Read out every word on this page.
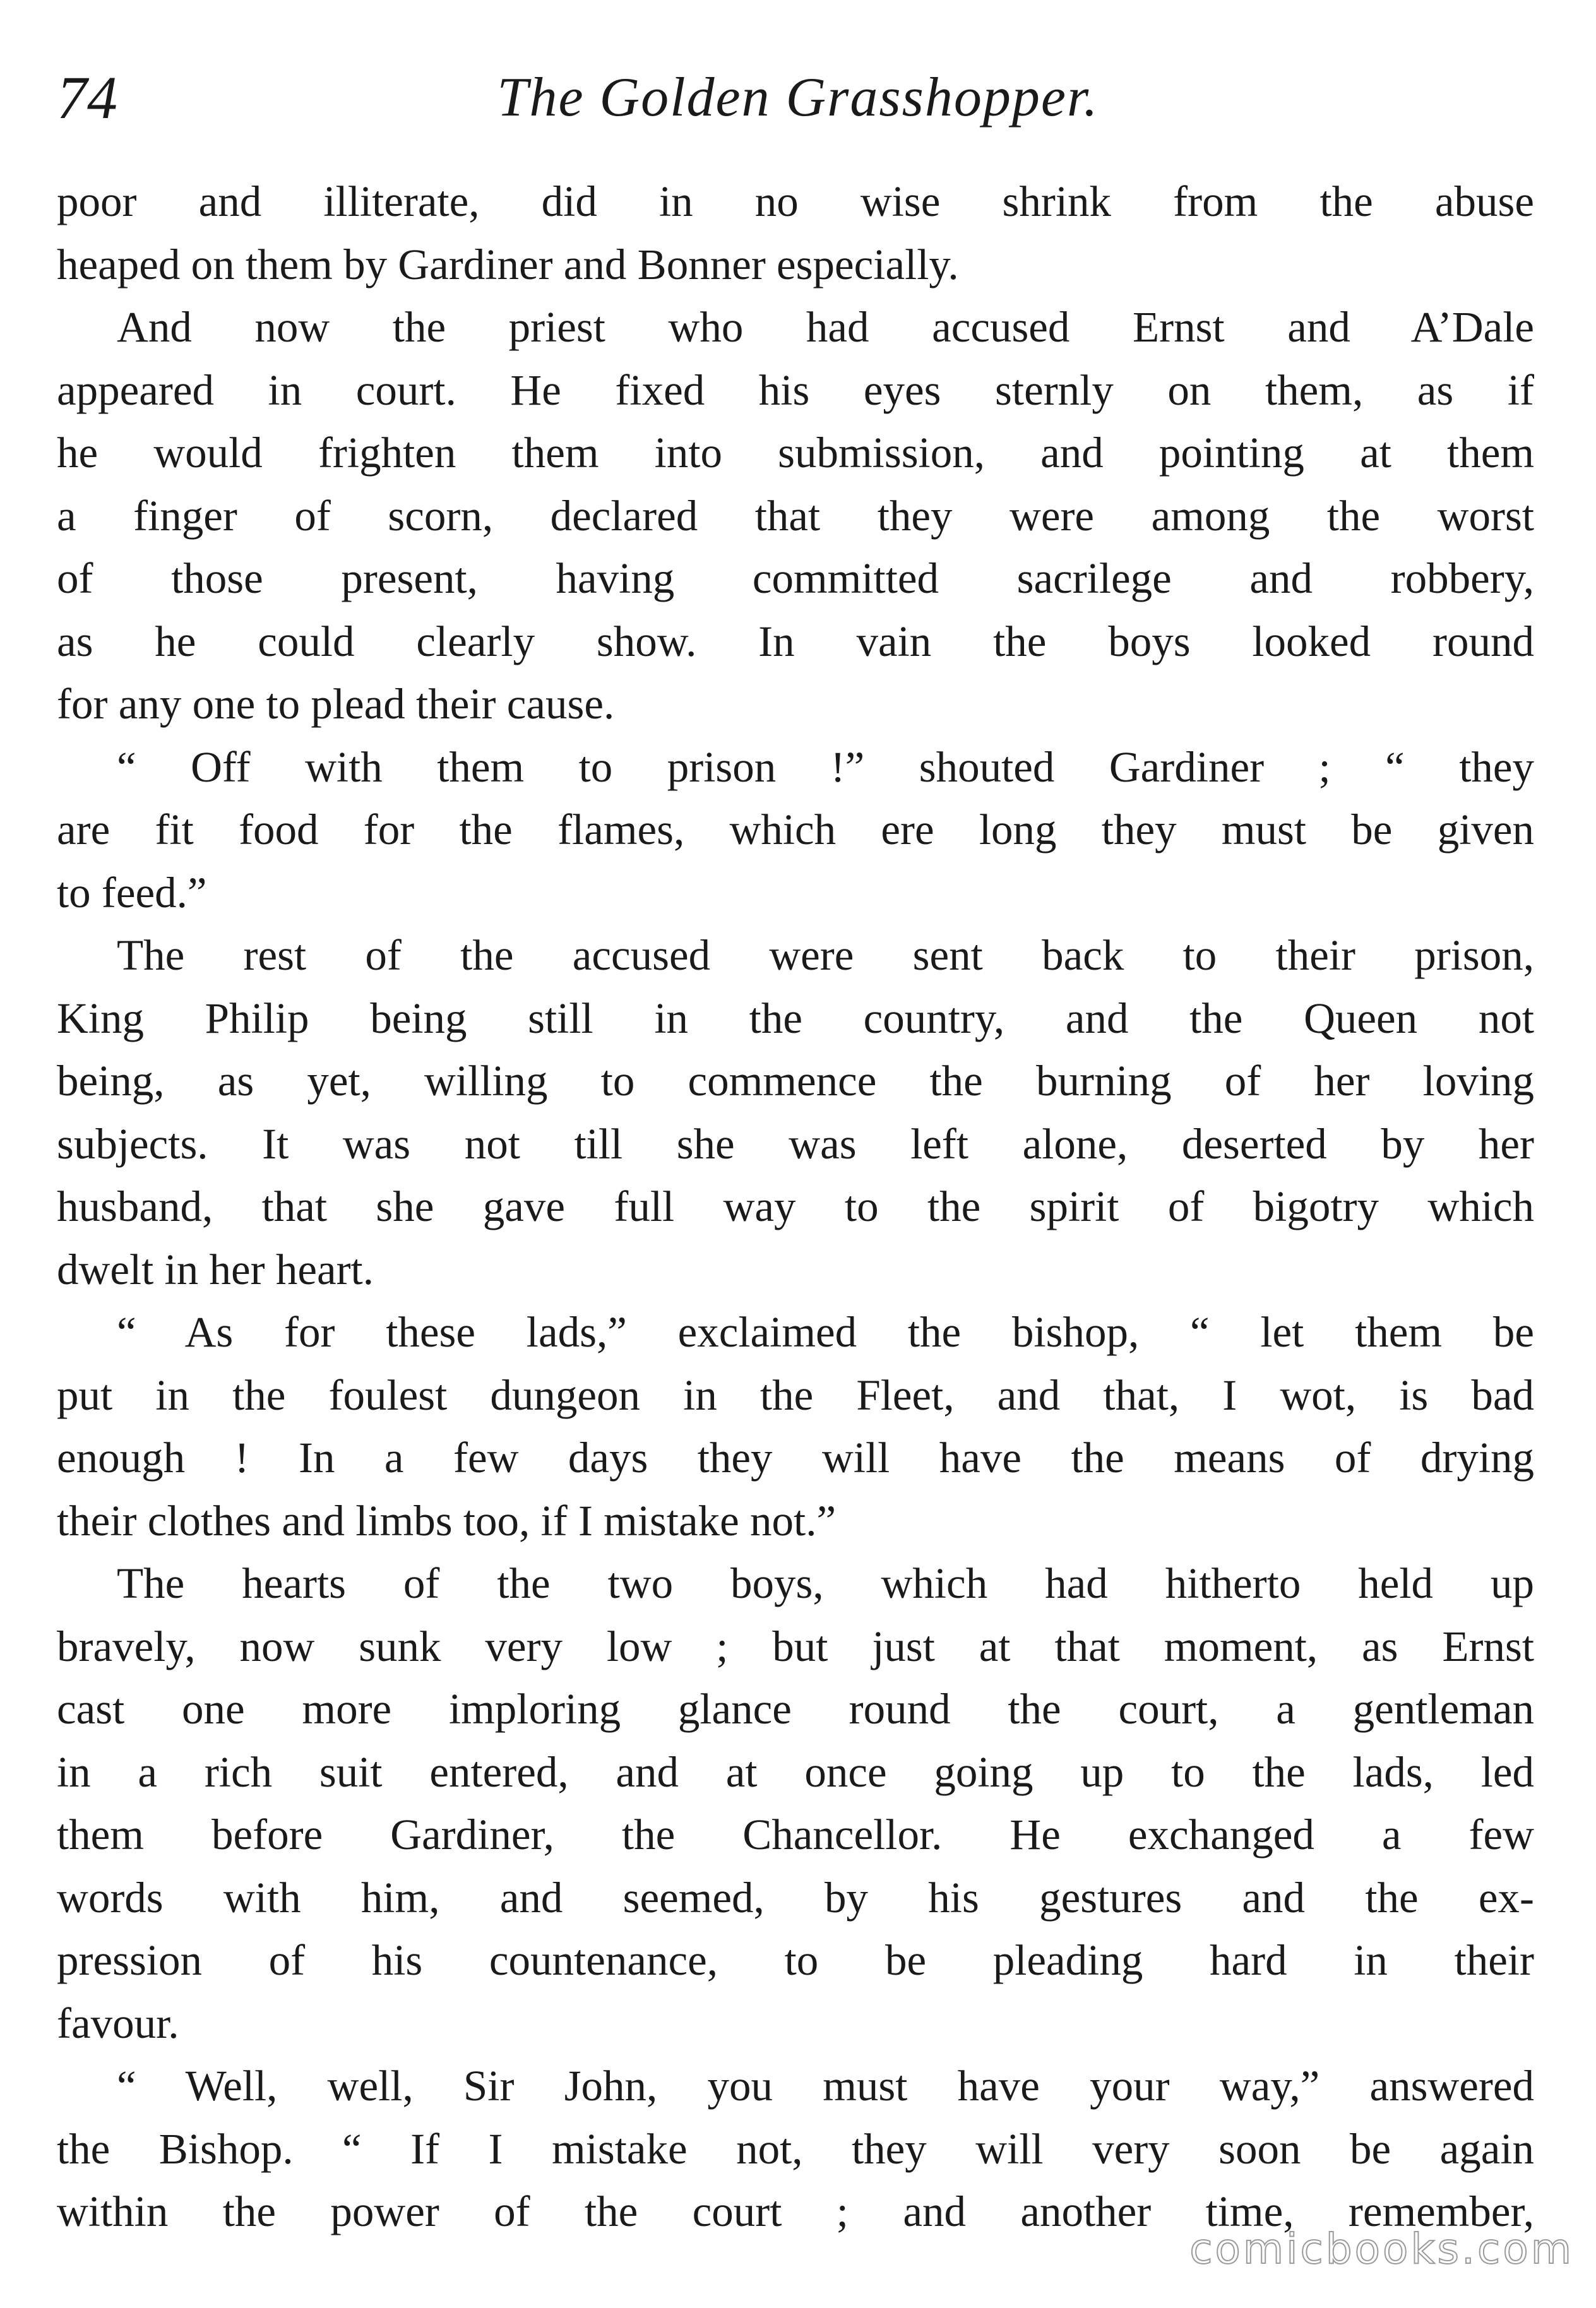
74	The Golden Grasshopper.
poor and illiterate, did in no wise shrink from the abuse
heaped on them by Gardiner and Bonner especially.
And now the priest who had accused Ernst and A’Dale
appeared in court. He fixed his eyes sternly on them, as if
he would frighten them into submission, and pointing at them
a finger of scorn, declared that they were among the worst
of those present, having committed sacrilege and robbery,
as he could clearly show. In vain the boys looked round
for any one to plead their cause.
“ Off with them to prison !” shouted Gardiner ; “ they
are fit food for the flames, which ere long they must be given
to feed.”
The rest of the accused were sent back to their prison,
King Philip being still in the country, and the Queen not
being, as yet, willing to commence the burning of her loving
subjects. It was not till she was left alone, deserted by her
husband, that she gave full way to the spirit of bigotry which
dwelt in her heart.
“ As for these lads,” exclaimed the bishop, “ let them be
put in the foulest dungeon in the Fleet, and that, I wot, is bad
enough ! In a few days they will have the means of drying
their clothes and limbs too, if I mistake not.”
The hearts of the two boys, which had hitherto held up
bravely, now sunk very low ; but just at that moment, as Ernst
cast one more imploring glance round the court, a gentleman
in a rich suit entered, and at once going up to the lads, led
them before Gardiner, the Chancellor. He exchanged a few
words with him, and seemed, by his gestures and the ex-
pression of his countenance, to be pleading hard in their
favour.
“ Well, well, Sir John, you must have your way,” answered
the Bishop. “ If I mistake not, they will very soon be again
within the power of the court ; and another time, remember,
comicbooks.com
